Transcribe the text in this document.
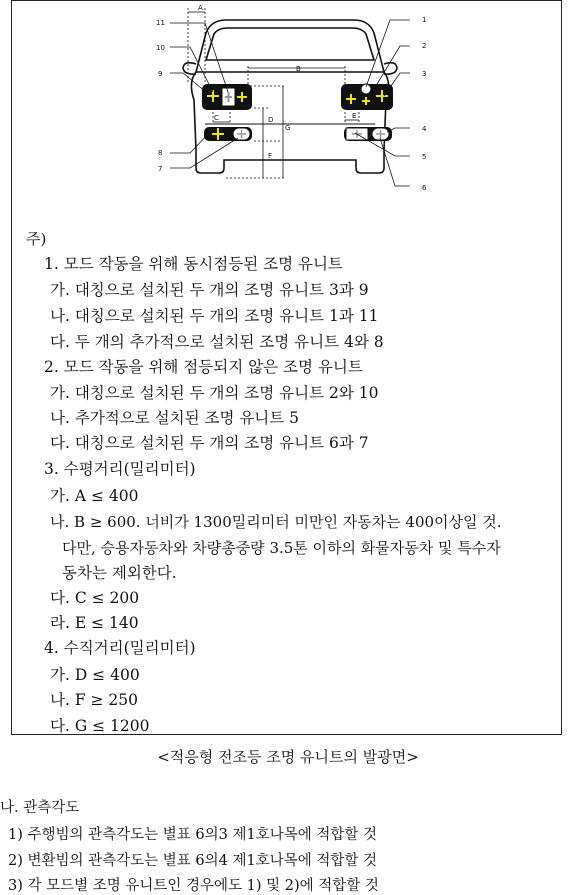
A
B
C	D	E
F
G
1
2
3
4
5
6
7
8
9
10
11
주)
1. 모드 작동을 위해 동시점등된 조명 유니트
가. 대칭으로 설치된 두 개의 조명 유니트 3과 9
나. 대칭으로 설치된 두 개의 조명 유니트 1과 11
다. 두 개의 추가적으로 설치된 조명 유니트 4와 8
2. 모드 작동을 위해 점등되지 않은 조명 유니트
가. 대칭으로 설치된 두 개의 조명 유니트 2와 10
나. 추가적으로 설치된 조명 유니트 5
다. 대칭으로 설치된 두 개의 조명 유니트 6과 7
3. 수평거리(밀리미터)
가. A ≤ 400
나. B ≥ 600. 너비가 1300밀리미터 미만인 자동차는 400이상일 것.
다만, 승용자동차와 차량총중량 3.5톤 이하의 화물자동차 및 특수자
동차는 제외한다.
다. C ≤ 200
라. E ≤ 140
4. 수직거리(밀리미터)
가. D ≤ 400
나. F ≥ 250
다. G ≤ 1200
<적응형 전조등 조명 유니트의 발광면>
나. 관측각도
1) 주행빔의 관측각도는 별표 6의3 제1호나목에 적합할 것
2) 변환빔의 관측각도는 별표 6의4 제1호나목에 적합할 것
3) 각 모드별 조명 유니트인 경우에도 1) 및 2)에 적합할 것
